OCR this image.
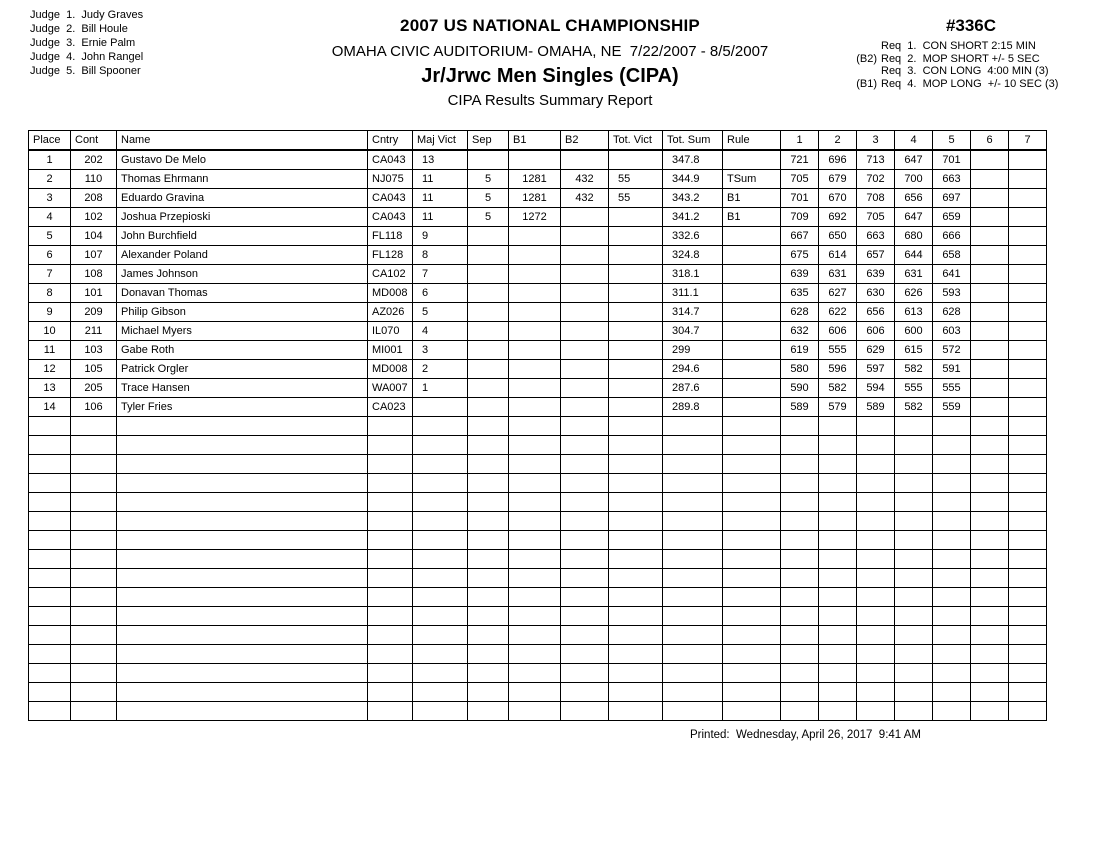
Judge  1.  Judy Graves
Judge  2.  Bill Houle
Judge  3.  Ernie Palm
Judge  4.  John Rangel
Judge  5.  Bill Spooner
2007 US NATIONAL CHAMPIONSHIP
OMAHA CIVIC AUDITORIUM- OMAHA, NE  7/22/2007 - 8/5/2007
Jr/Jrwc Men Singles (CIPA)
CIPA Results Summary Report
#336C
Req  1.  CON SHORT 2:15 MIN
(B2) Req  2.  MOP SHORT +/- 5 SEC
Req  3.  CON LONG  4:00 MIN (3)
(B1) Req  4.  MOP LONG  +/- 10 SEC (3)
Place	Cont	Name	Cntry	Maj Vict	Sep	B1	B2	Tot. Vict	Tot. Sum	Rule	1	2	3	4	5	6	7
1	202	Gustavo De Melo	CA043	13					347.8		721	696	713	647	701		
2	110	Thomas Ehrmann	NJ075	11	5	1281	432	55	344.9	TSum	705	679	702	700	663		
3	208	Eduardo Gravina	CA043	11	5	1281	432	55	343.2	B1	701	670	708	656	697		
4	102	Joshua Przepioski	CA043	11	5	1272			341.2	B1	709	692	705	647	659		
5	104	John Burchfield	FL118	9					332.6		667	650	663	680	666		
6	107	Alexander Poland	FL128	8					324.8		675	614	657	644	658		
7	108	James Johnson	CA102	7					318.1		639	631	639	631	641		
8	101	Donavan Thomas	MD008	6					311.1		635	627	630	626	593		
9	209	Philip Gibson	AZ026	5					314.7		628	622	656	613	628		
10	211	Michael Myers	IL070	4					304.7		632	606	606	600	603		
11	103	Gabe Roth	MI001	3					299		619	555	629	615	572		
12	105	Patrick Orgler	MD008	2					294.6		580	596	597	582	591		
13	205	Trace Hansen	WA007	1					287.6		590	582	594	555	555		
14	106	Tyler Fries	CA023						289.8		589	579	589	582	559		

Printed:  Wednesday, April 26, 2017  9:41 AM
